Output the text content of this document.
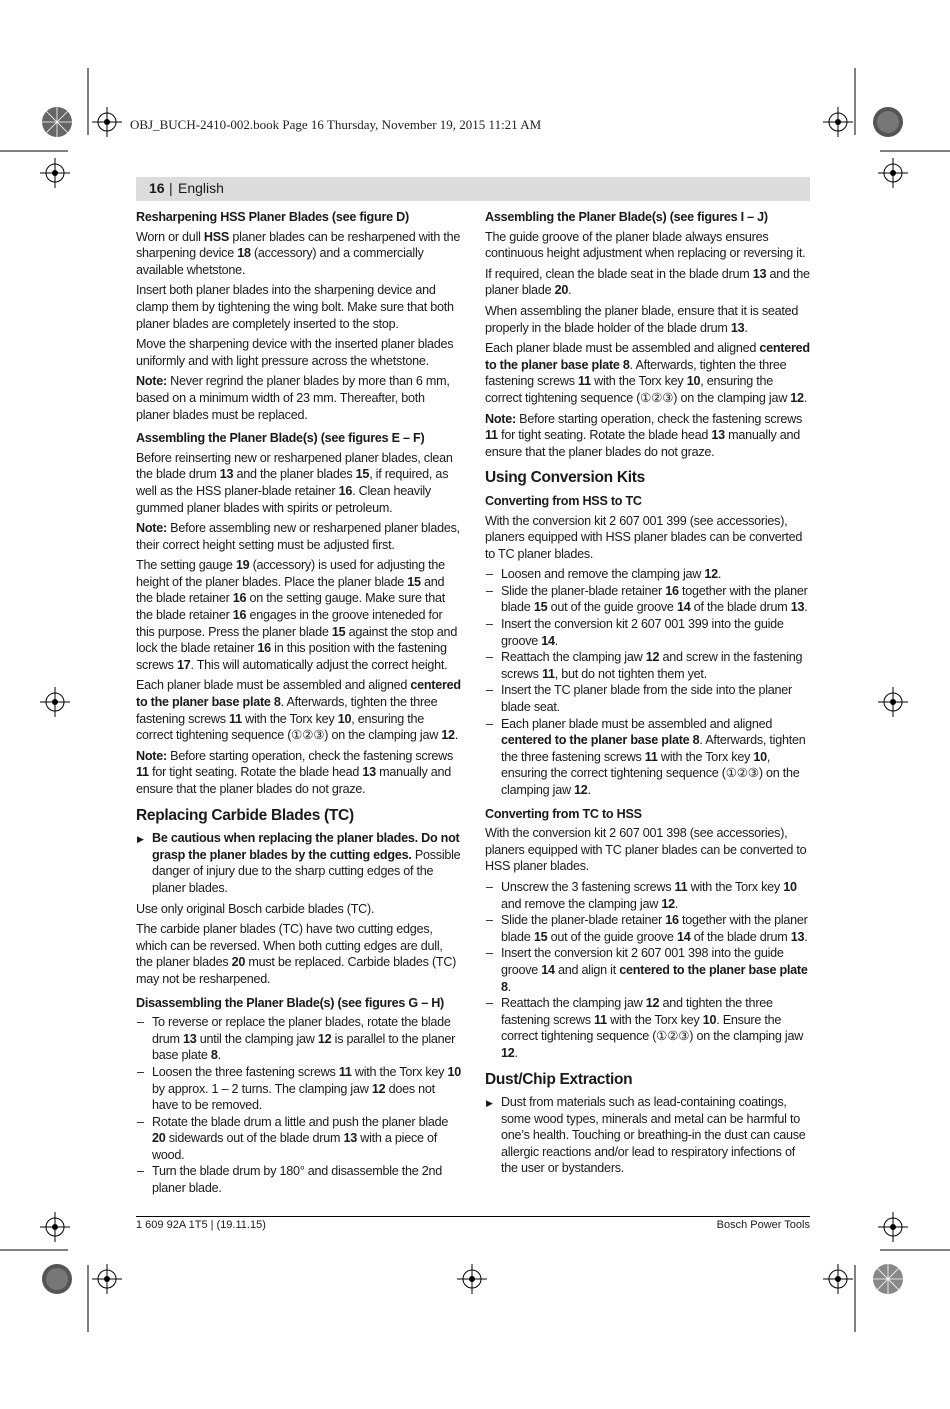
OBJ_BUCH-2410-002.book Page 16 Thursday, November 19, 2015 11:21 AM
16 | English
Resharpening HSS Planer Blades (see figure D)

Worn or dull HSS planer blades can be resharpened with the sharpening device 18 (accessory) and a commercially available whetstone.

Insert both planer blades into the sharpening device and clamp them by tightening the wing bolt. Make sure that both planer blades are completely inserted to the stop.

Move the sharpening device with the inserted planer blades uniformly and with light pressure across the whetstone.

Note: Never regrind the planer blades by more than 6 mm, based on a minimum width of 23 mm. Thereafter, both planer blades must be replaced.

Assembling the Planer Blade(s) (see figures E – F)

Before reinserting new or resharpened planer blades, clean the blade drum 13 and the planer blades 15, if required, as well as the HSS planer-blade retainer 16. Clean heavily gummed planer blades with spirits or petroleum.

Note: Before assembling new or resharpened planer blades, their correct height setting must be adjusted first.

The setting gauge 19 (accessory) is used for adjusting the height of the planer blades. Place the planer blade 15 and the blade retainer 16 on the setting gauge. Make sure that the blade retainer 16 engages in the groove inteneded for this purpose. Press the planer blade 15 against the stop and lock the blade retainer 16 in this position with the fastening screws 17. This will automatically adjust the correct height.

Each planer blade must be assembled and aligned centered to the planer base plate 8. Afterwards, tighten the three fastening screws 11 with the Torx key 10, ensuring the correct tightening sequence (①②③) on the clamping jaw 12.

Note: Before starting operation, check the fastening screws 11 for tight seating. Rotate the blade head 13 manually and ensure that the planer blades do not graze.

Replacing Carbide Blades (TC)

▶ Be cautious when replacing the planer blades. Do not grasp the planer blades by the cutting edges. Possible danger of injury due to the sharp cutting edges of the planer blades.

Use only original Bosch carbide blades (TC).

The carbide planer blades (TC) have two cutting edges, which can be reversed. When both cutting edges are dull, the planer blades 20 must be replaced. Carbide blades (TC) may not be resharpened.

Disassembling the Planer Blade(s) (see figures G – H)
– To reverse or replace the planer blades, rotate the blade drum 13 until the clamping jaw 12 is parallel to the planer base plate 8.
– Loosen the three fastening screws 11 with the Torx key 10 by approx. 1 – 2 turns. The clamping jaw 12 does not have to be removed.
– Rotate the blade drum a little and push the planer blade 20 sidewards out of the blade drum 13 with a piece of wood.
– Turn the blade drum by 180° and disassemble the 2nd planer blade.
Assembling the Planer Blade(s) (see figures I – J)

The guide groove of the planer blade always ensures continuous height adjustment when replacing or reversing it.

If required, clean the blade seat in the blade drum 13 and the planer blade 20.

When assembling the planer blade, ensure that it is seated properly in the blade holder of the blade drum 13.

Each planer blade must be assembled and aligned centered to the planer base plate 8. Afterwards, tighten the three fastening screws 11 with the Torx key 10, ensuring the correct tightening sequence (①②③) on the clamping jaw 12.

Note: Before starting operation, check the fastening screws 11 for tight seating. Rotate the blade head 13 manually and ensure that the planer blades do not graze.

Using Conversion Kits
Converting from HSS to TC

With the conversion kit 2 607 001 399 (see accessories), planers equipped with HSS planer blades can be converted to TC planer blades.

– Loosen and remove the clamping jaw 12.
– Slide the planer-blade retainer 16 together with the planer blade 15 out of the guide groove 14 of the blade drum 13.
– Insert the conversion kit 2 607 001 399 into the guide groove 14.
– Reattach the clamping jaw 12 and screw in the fastening screws 11, but do not tighten them yet.
– Insert the TC planer blade from the side into the planer blade seat.
– Each planer blade must be assembled and aligned centered to the planer base plate 8. Afterwards, tighten the three fastening screws 11 with the Torx key 10, ensuring the correct tightening sequence (①②③) on the clamping jaw 12.
Converting from TC to HSS

With the conversion kit 2 607 001 398 (see accessories), planers equipped with TC planer blades can be converted to HSS planer blades.

– Unscrew the 3 fastening screws 11 with the Torx key 10 and remove the clamping jaw 12.
– Slide the planer-blade retainer 16 together with the planer blade 15 out of the guide groove 14 of the blade drum 13.
– Insert the conversion kit 2 607 001 398 into the guide groove 14 and align it centered to the planer base plate 8.
– Reattach the clamping jaw 12 and tighten the three fastening screws 11 with the Torx key 10. Ensure the correct tightening sequence (①②③) on the clamping jaw 12.
Dust/Chip Extraction

▶ Dust from materials such as lead-containing coatings, some wood types, minerals and metal can be harmful to one’s health. Touching or breathing-in the dust can cause allergic reactions and/or lead to respiratory infections of the user or bystanders.

1 609 92A 1T5 | (19.11.15)	Bosch Power Tools
